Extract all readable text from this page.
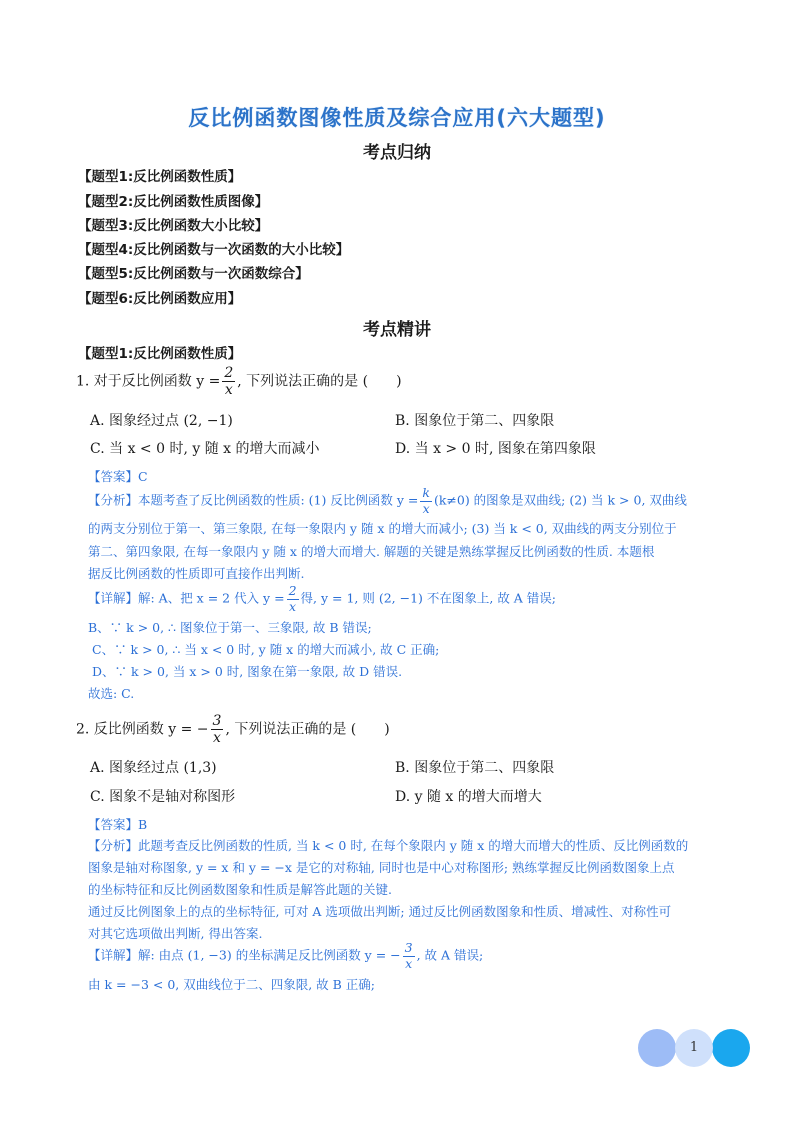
反比例函数图像性质及综合应用(六大题型)
考点归纳
【题型1:反比例函数性质】
【题型2:反比例函数性质图像】
【题型3:反比例函数大小比较】
【题型4:反比例函数与一次函数的大小比较】
【题型5:反比例函数与一次函数综合】
【题型6:反比例函数应用】
考点精讲
【题型1:反比例函数性质】
1. 对于反比例函数 $y = \frac{2}{x}$ , 下列说法正确的是 ( )
A. 图象经过点 (2, −1)	B. 图象位于第二、四象限
C. 当 x < 0 时, y 随 x 的增大而减小	D. 当 x > 0 时, 图象在第四象限
【答案】C
【分析】本题考查了反比例函数的性质: (1) 反比例函数 $y = \frac{k}{x} (k\ne 0)$ 的图象是双曲线; (2) 当 k > 0, 双曲线
的两支分别位于第一、第三象限, 在每一象限内 y 随 x 的增大而减小; (3) 当 k < 0, 双曲线的两支分别位于
第二、第四象限, 在每一象限内 y 随 x 的增大而增大. 解题的关键是熟练掌握反比例函数的性质. 本题根
据反比例函数的性质即可直接作出判断.
【详解】解: A、把 x = 2 代入 $y = \frac{2}{x}$ 得, y = 1, 则 (2, −1) 不在图象上, 故 A 错误;
B、∵ k > 0, ∴ 图象位于第一、三象限, 故 B 错误;
C、∵ k > 0, ∴ 当 x < 0 时, y 随 x 的增大而减小, 故 C 正确;
D、∵ k > 0, 当 x > 0 时, 图象在第一象限, 故 D 错误.
故选: C.
2. 反比例函数 y = − $\frac{3}{x}$ , 下列说法正确的是 ( )
A. 图象经过点 (1,3)	B. 图象位于第二、四象限
C. 图象不是轴对称图形	D. y 随 x 的增大而增大
【答案】B
【分析】此题考查反比例函数的性质, 当 k < 0 时, 在每个象限内 y 随 x 的增大而增大的性质、反比例函数的
图象是轴对称图象, y = x 和 y = −x 是它的对称轴, 同时也是中心对称图形; 熟练掌握反比例函数图象上点
的坐标特征和反比例函数图象和性质是解答此题的关键.
通过反比例图象上的点的坐标特征, 可对 A 选项做出判断; 通过反比例函数图象和性质、增减性、对称性可
对其它选项做出判断, 得出答案.
【详解】解: 由点 (1, −3) 的坐标满足反比例函数 y = − $\frac{3}{x}$ , 故 A 错误;
由 k = −3 < 0, 双曲线位于二、四象限, 故 B 正确;
1
